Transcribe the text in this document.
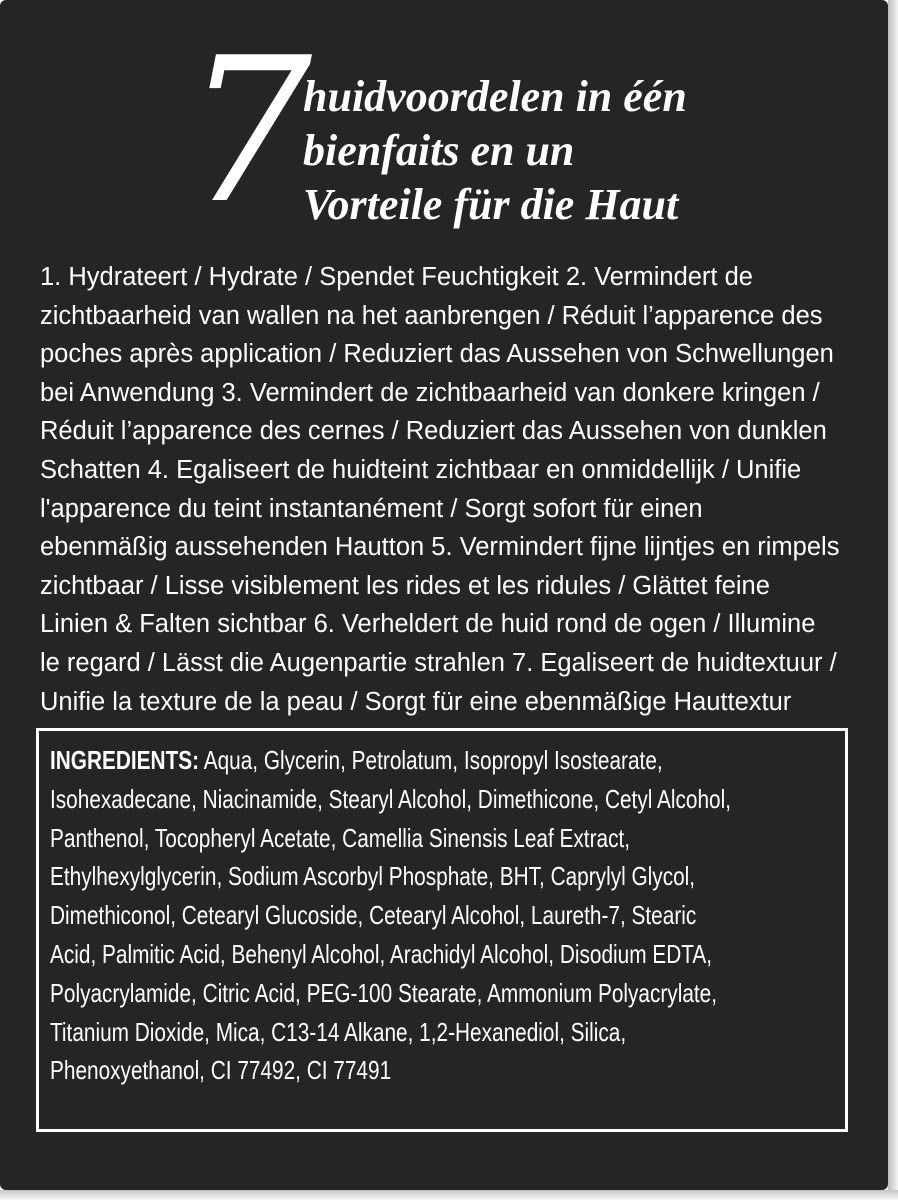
7
huidvoordelen in één
bienfaits en un
Vorteile für die Haut
1. Hydrateert / Hydrate / Spendet Feuchtigkeit 2. Vermindert de
zichtbaarheid van wallen na het aanbrengen / Réduit l’apparence des
poches après application / Reduziert das Aussehen von Schwellungen
bei Anwendung 3. Vermindert de zichtbaarheid van donkere kringen /
Réduit l’apparence des cernes / Reduziert das Aussehen von dunklen
Schatten 4. Egaliseert de huidteint zichtbaar en onmiddellijk / Unifie
l'apparence du teint instantanément / Sorgt sofort für einen
ebenmäßig aussehenden Hautton 5. Vermindert fijne lijntjes en rimpels
zichtbaar / Lisse visiblement les rides et les ridules / Glättet feine
Linien & Falten sichtbar 6. Verheldert de huid rond de ogen / Illumine
le regard / Lässt die Augenpartie strahlen 7. Egaliseert de huidtextuur /
Unifie la texture de la peau / Sorgt für eine ebenmäßige Hauttextur
INGREDIENTS: Aqua, Glycerin, Petrolatum, Isopropyl Isostearate,
Isohexadecane, Niacinamide, Stearyl Alcohol, Dimethicone, Cetyl Alcohol,
Panthenol, Tocopheryl Acetate, Camellia Sinensis Leaf Extract,
Ethylhexylglycerin, Sodium Ascorbyl Phosphate, BHT, Caprylyl Glycol,
Dimethiconol, Cetearyl Glucoside, Cetearyl Alcohol, Laureth-7, Stearic
Acid, Palmitic Acid, Behenyl Alcohol, Arachidyl Alcohol, Disodium EDTA,
Polyacrylamide, Citric Acid, PEG-100 Stearate, Ammonium Polyacrylate,
Titanium Dioxide, Mica, C13-14 Alkane, 1,2-Hexanediol, Silica,
Phenoxyethanol, CI 77492, CI 77491
